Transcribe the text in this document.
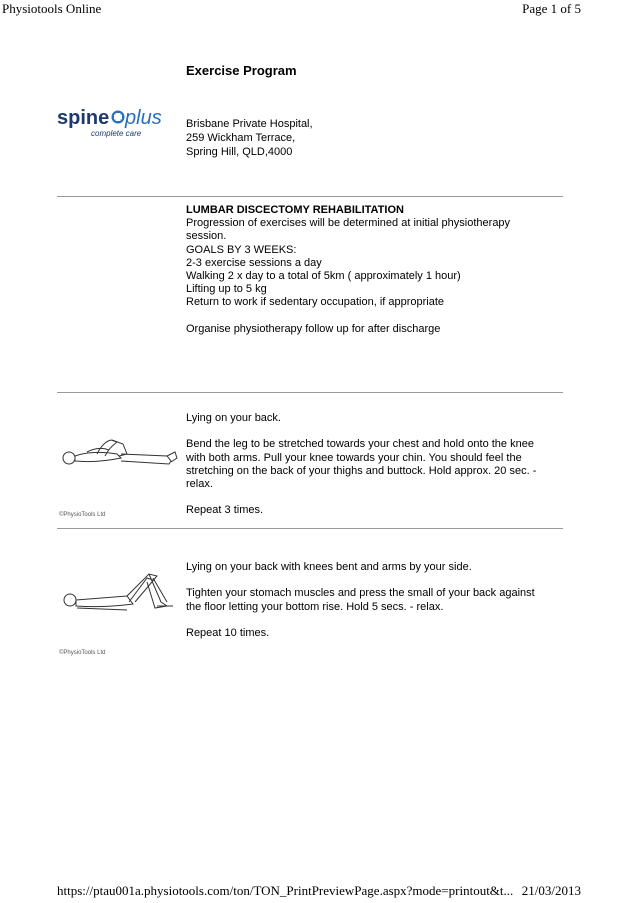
Physiotools Online	Page 1 of 5
Exercise Program
spine plus
complete care
Brisbane Private Hospital,
259 Wickham Terrace,
Spring Hill, QLD,4000

LUMBAR DISCECTOMY REHABILITATION

Progression of exercises will be determined at initial physiotherapy

session.

GOALS BY 3 WEEKS:

2-3 exercise sessions a day

Walking 2 x day to a total of 5km ( approximately 1 hour)

Lifting up to 5 kg

Return to work if sedentary occupation, if appropriate

Organise physiotherapy follow up for after discharge

©PhysioTools Ltd

Lying on your back.

Bend the leg to be stretched towards your chest and hold onto the knee

with both arms. Pull your knee towards your chin. You should feel the

stretching on the back of your thighs and buttock. Hold approx. 20 sec. -

relax.

Repeat 3 times.

©PhysioTools Ltd

Lying on your back with knees bent and arms by your side.

Tighten your stomach muscles and press the small of your back against

the floor letting your bottom rise. Hold 5 secs. - relax.

Repeat 10 times.

https://ptau001a.physiotools.com/ton/TON_PrintPreviewPage.aspx?mode=printout&t... 21/03/2013
